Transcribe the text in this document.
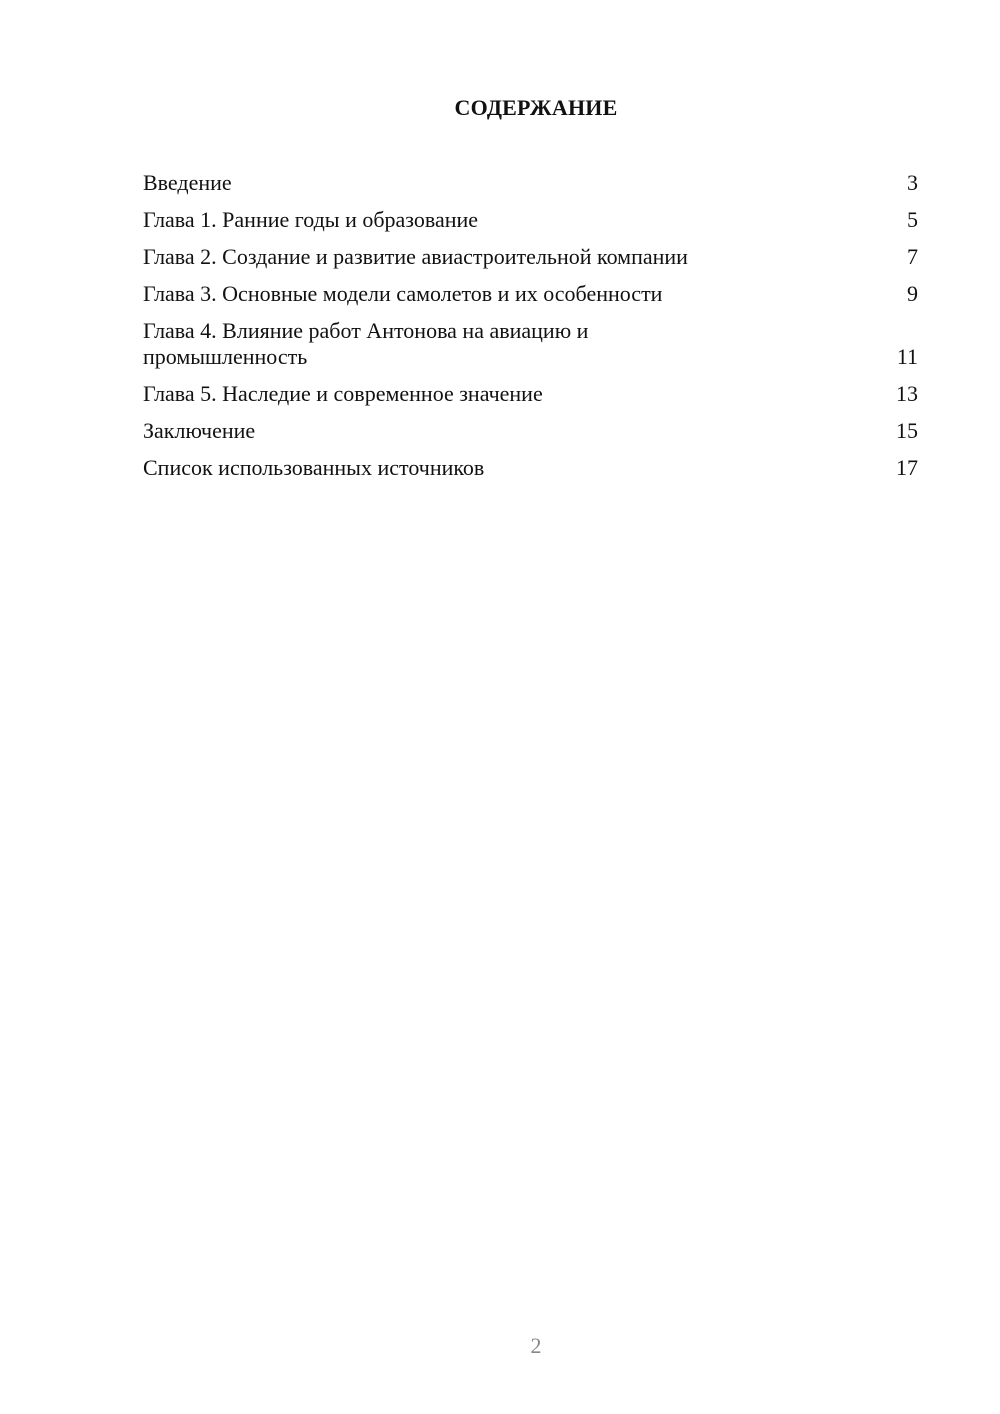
СОДЕРЖАНИЕ
Введение	3
Глава 1. Ранние годы и образование	5
Глава 2. Создание и развитие авиастроительной компании	7
Глава 3. Основные модели самолетов и их особенности	9
Глава 4. Влияние работ Антонова на авиацию и промышленность	11
Глава 5. Наследие и современное значение	13
Заключение	15
Список использованных источников	17
2
